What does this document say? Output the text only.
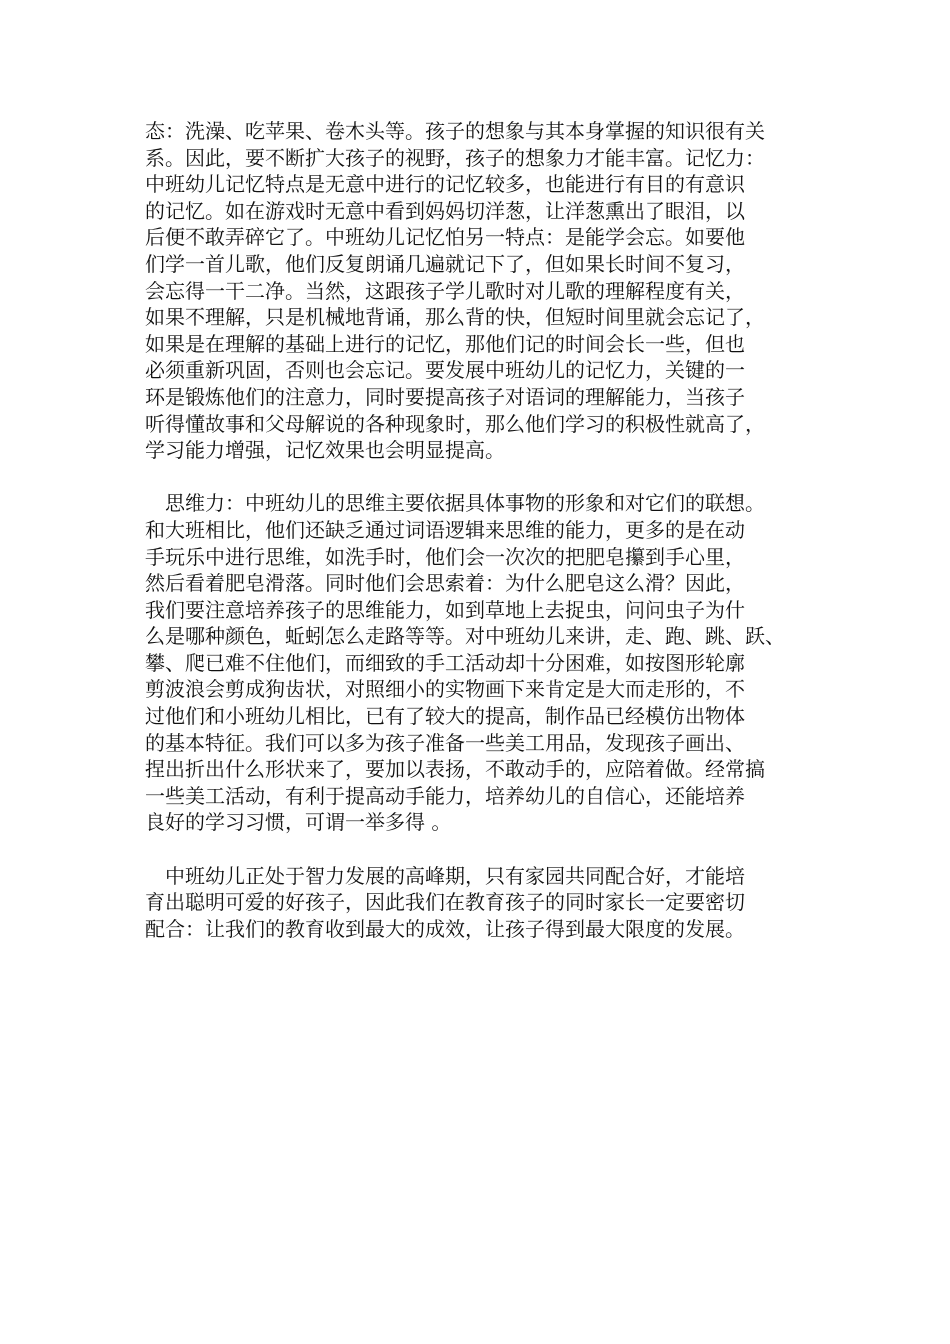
态：洗澡、吃苹果、卷木头等。孩子的想象与其本身掌握的知识很有关
系。因此，要不断扩大孩子的视野，孩子的想象力才能丰富。记忆力：
中班幼儿记忆特点是无意中进行的记忆较多，也能进行有目的有意识
的记忆。如在游戏时无意中看到妈妈切洋葱，让洋葱熏出了眼泪，以
后便不敢弄碎它了。中班幼儿记忆怕另一特点：是能学会忘。如要他
们学一首儿歌，他们反复朗诵几遍就记下了，但如果长时间不复习，
会忘得一干二净。当然，这跟孩子学儿歌时对儿歌的理解程度有关，
如果不理解，只是机械地背诵，那么背的快，但短时间里就会忘记了，
如果是在理解的基础上进行的记忆，那他们记的时间会长一些，但也
必须重新巩固，否则也会忘记。要发展中班幼儿的记忆力，关键的一
环是锻炼他们的注意力，同时要提高孩子对语词的理解能力，当孩子
听得懂故事和父母解说的各种现象时，那么他们学习的积极性就高了，
学习能力增强，记忆效果也会明显提高。

　思维力：中班幼儿的思维主要依据具体事物的形象和对它们的联想。
和大班相比，他们还缺乏通过词语逻辑来思维的能力，更多的是在动
手玩乐中进行思维，如洗手时，他们会一次次的把肥皂攥到手心里，
然后看着肥皂滑落。同时他们会思索着：为什么肥皂这么滑？因此，
我们要注意培养孩子的思维能力，如到草地上去捉虫，问问虫子为什
么是哪种颜色，蚯蚓怎么走路等等。对中班幼儿来讲，走、跑、跳、跃、
攀、爬已难不住他们，而细致的手工活动却十分困难，如按图形轮廓
剪波浪会剪成狗齿状，对照细小的实物画下来肯定是大而走形的，不
过他们和小班幼儿相比，已有了较大的提高，制作品已经模仿出物体
的基本特征。我们可以多为孩子准备一些美工用品，发现孩子画出、
捏出折出什么形状来了，要加以表扬，不敢动手的，应陪着做。经常搞
一些美工活动，有利于提高动手能力，培养幼儿的自信心，还能培养
良好的学习习惯，可谓一举多得 。

　中班幼儿正处于智力发展的高峰期，只有家园共同配合好，才能培
育出聪明可爱的好孩子，因此我们在教育孩子的同时家长一定要密切
配合：让我们的教育收到最大的成效，让孩子得到最大限度的发展。
